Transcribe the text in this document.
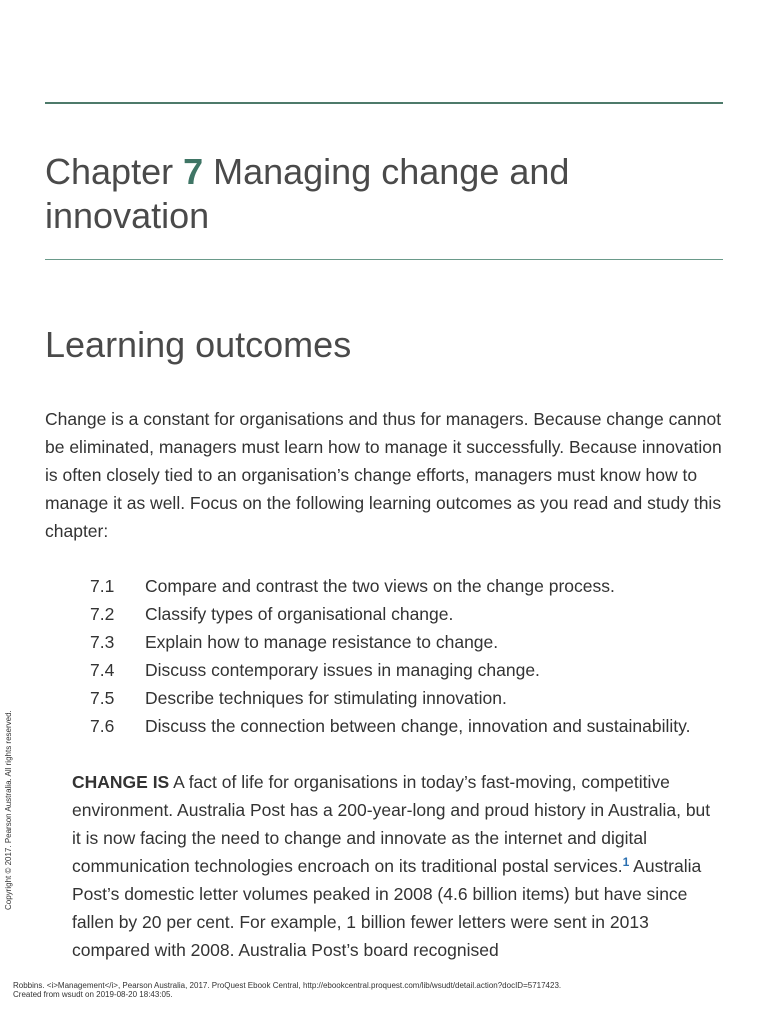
Chapter 7 Managing change and innovation
Learning outcomes

Change is a constant for organisations and thus for managers. Because change cannot be eliminated, managers must learn how to manage it successfully. Because innovation is often closely tied to an organisation’s change efforts, managers must know how to manage it as well. Focus on the following learning outcomes as you read and study this chapter:

7.1	Compare and contrast the two views on the change process.
7.2	Classify types of organisational change.
7.3	Explain how to manage resistance to change.
7.4	Discuss contemporary issues in managing change.
7.5	Describe techniques for stimulating innovation.
7.6	Discuss the connection between change, innovation and sustainability.

CHANGE IS A fact of life for organisations in today’s fast-moving, competitive environment. Australia Post has a 200-year-long and proud history in Australia, but it is now facing the need to change and innovate as the internet and digital communication technologies encroach on its traditional postal services.$^1$ Australia Post’s domestic letter volumes peaked in 2008 (4.6 billion items) but have since fallen by 20 per cent. For example, 1 billion fewer letters were sent in 2013 compared with 2008. Australia Post’s board recognised

Copyright © 2017. Pearson Australia. All rights reserved.
Robbins. <i>Management</i>, Pearson Australia, 2017. ProQuest Ebook Central, http://ebookcentral.proquest.com/lib/wsudt/detail.action?docID=5717423.
Created from wsudt on 2019-08-20 18:43:05.
